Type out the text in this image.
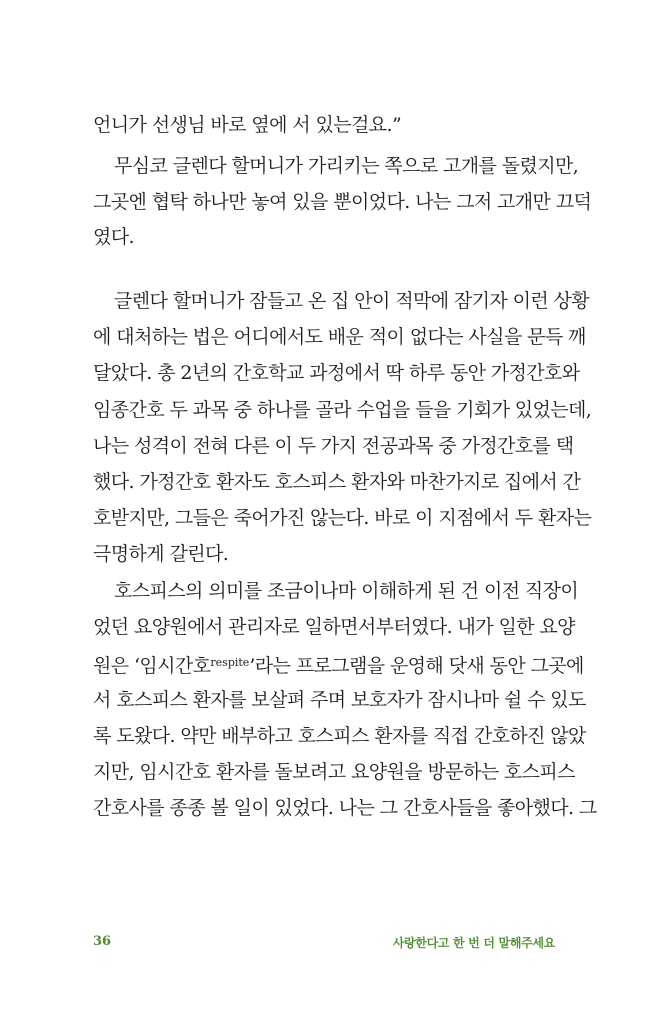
언니가 선생님 바로 옆에 서 있는걸요.”
무심코 글렌다 할머니가 가리키는 쪽으로 고개를 돌렸지만,
그곳엔 협탁 하나만 놓여 있을 뿐이었다. 나는 그저 고개만 끄덕
였다.
글렌다 할머니가 잠들고 온 집 안이 적막에 잠기자 이런 상황
에 대처하는 법은 어디에서도 배운 적이 없다는 사실을 문득 깨
달았다. 총 2년의 간호학교 과정에서 딱 하루 동안 가정간호와
임종간호 두 과목 중 하나를 골라 수업을 들을 기회가 있었는데,
나는 성격이 전혀 다른 이 두 가지 전공과목 중 가정간호를 택
했다. 가정간호 환자도 호스피스 환자와 마찬가지로 집에서 간
호받지만, 그들은 죽어가진 않는다. 바로 이 지점에서 두 환자는
극명하게 갈린다.
호스피스의 의미를 조금이나마 이해하게 된 건 이전 직장이
었던 요양원에서 관리자로 일하면서부터였다. 내가 일한 요양
원은 ‘임시간호$^{respite}$’라는 프로그램을 운영해 닷새 동안 그곳에
서 호스피스 환자를 보살펴 주며 보호자가 잠시나마 쉴 수 있도
록 도왔다. 약만 배부하고 호스피스 환자를 직접 간호하진 않았
지만, 임시간호 환자를 돌보려고 요양원을 방문하는 호스피스
간호사를 종종 볼 일이 있었다. 나는 그 간호사들을 좋아했다. 그
36	사랑한다고 한 번 더 말해주세요
